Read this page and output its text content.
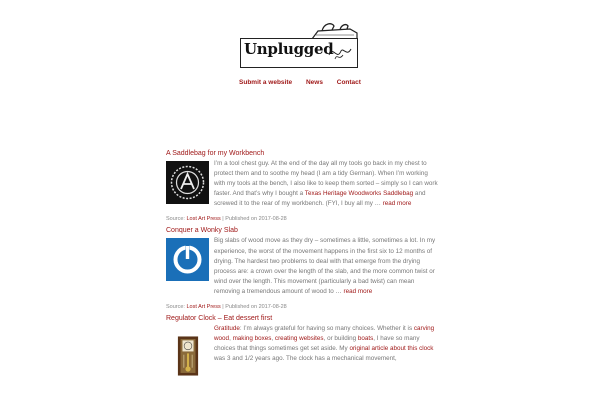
Unplugged
Submit a website News Contact
A Saddlebag for my Workbench
I’m a tool chest guy. At the end of the day all my tools go back in my chest to protect them and to soothe my head (I am a tidy German). When I’m working with my tools at the bench, I also like to keep them sorted – simply so I can work faster. And that’s why I bought a Texas Heritage Woodworks Saddlebag and screwed it to the rear of my workbench. (FYI, I buy all my … read more
Source: Lost Art Press | Published on 2017-08-28
Conquer a Wonky Slab
Big slabs of wood move as they dry – sometimes a little, sometimes a lot. In my experience, the worst of the movement happens in the first six to 12 months of drying. The hardest two problems to deal with that emerge from the drying process are: a crown over the length of the slab, and the more common twist or wind over the length. This movement (particularly a bad twist) can mean removing a tremendous amount of wood to … read more
Source: Lost Art Press | Published on 2017-08-28
Regulator Clock – Eat dessert first
Gratitude: I’m always grateful for having so many choices. Whether it is carving wood, making boxes, creating websites, or building boats, I have so many choices that things sometimes get set aside. My original article about this clock was 3 and 1/2 years ago. The clock has a mechanical movement,
